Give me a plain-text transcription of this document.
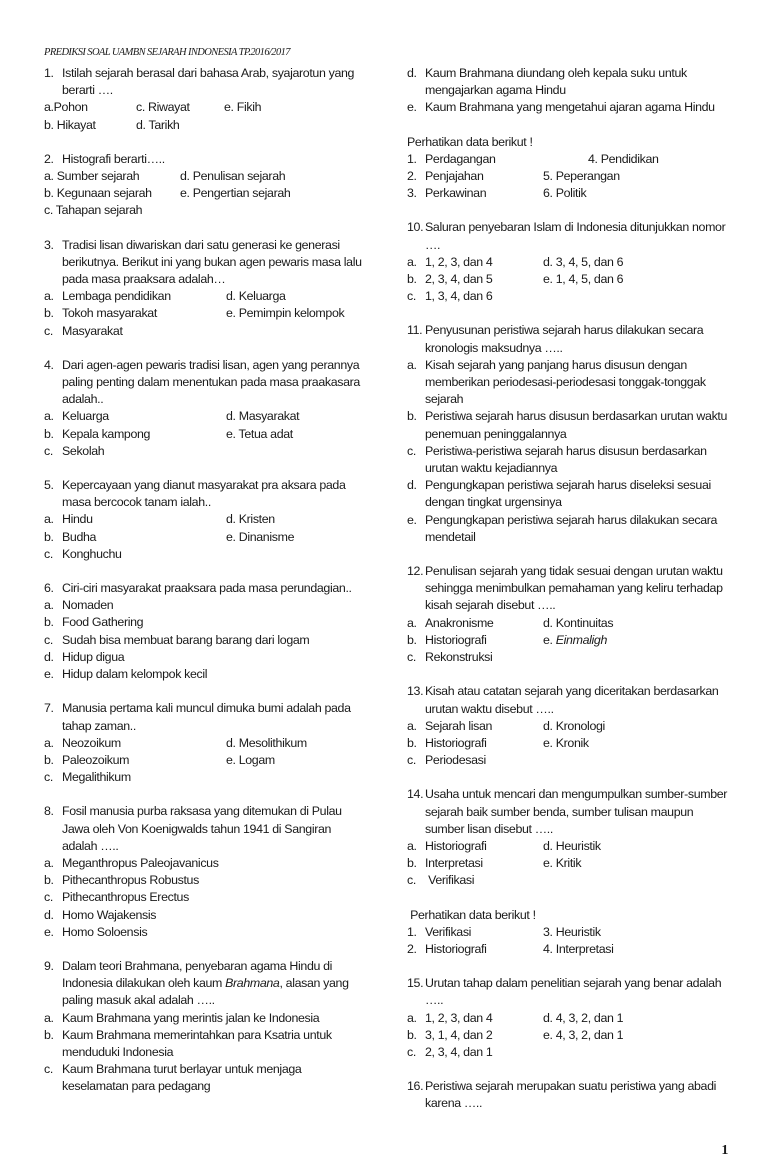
PREDIKSI SOAL UAMBN SEJARAH INDONESIA TP.2016/2017
1. Istilah sejarah berasal dari bahasa Arab, syajarotun yang berarti ….
a.Pohon	c. Riwayat	e. Fikih
b. Hikayat	d. Tarikh
2. Histografi berarti…..
a. Sumber sejarah	d. Penulisan sejarah
b. Kegunaan sejarah	e. Pengertian sejarah
c. Tahapan sejarah
3. Tradisi lisan diwariskan dari satu generasi ke generasi berikutnya. Berikut ini yang bukan agen pewaris masa lalu pada masa praaksara adalah…
a. Lembaga pendidikan	d. Keluarga
b. Tokoh masyarakat	e. Pemimpin kelompok
c. Masyarakat
4. Dari agen-agen pewaris tradisi lisan, agen yang perannya paling penting dalam menentukan pada masa praakasara adalah..
a. Keluarga	d. Masyarakat
b. Kepala kampong	e. Tetua adat
c. Sekolah
5. Kepercayaan yang dianut masyarakat pra aksara pada masa bercocok tanam ialah..
a. Hindu	d. Kristen
b. Budha	e. Dinanisme
c. Konghuchu
6. Ciri-ciri masyarakat praaksara pada masa perundagian..
a. Nomaden
b. Food Gathering
c. Sudah bisa membuat barang barang dari logam
d. Hidup digua
e. Hidup dalam kelompok kecil
7. Manusia pertama kali muncul dimuka bumi adalah pada tahap zaman..
a. Neozoikum	d. Mesolithikum
b. Paleozoikum	e. Logam
c. Megalithikum
8. Fosil manusia purba raksasa yang ditemukan di Pulau Jawa oleh Von Koenigwalds tahun 1941 di Sangiran adalah …..
a. Meganthropus Paleojavanicus
b. Pithecanthropus Robustus
c. Pithecanthropus Erectus
d. Homo Wajakensis
e. Homo Soloensis
9. Dalam teori Brahmana, penyebaran agama Hindu di Indonesia dilakukan oleh kaum Brahmana, alasan yang paling masuk akal adalah …..
a. Kaum Brahmana yang merintis jalan ke Indonesia
b. Kaum Brahmana memerintahkan para Ksatria untuk menduduki Indonesia
c. Kaum Brahmana turut berlayar untuk menjaga keselamatan para pedagang
d. Kaum Brahmana diundang oleh kepala suku untuk mengajarkan agama Hindu
e. Kaum Brahmana yang mengetahui ajaran agama Hindu
Perhatikan data berikut !
1. Perdagangan	4. Pendidikan
2. Penjajahan	5. Peperangan
3. Perkawinan	6. Politik
10. Saluran penyebaran Islam di Indonesia ditunjukkan nomor ….
a. 1, 2, 3, dan 4	d. 3, 4, 5, dan 6
b. 2, 3, 4, dan 5	e. 1, 4, 5, dan 6
c. 1, 3, 4, dan 6
11. Penyusunan peristiwa sejarah harus dilakukan secara kronologis maksudnya …..
a. Kisah sejarah yang panjang harus disusun dengan memberikan periodesasi-periodesasi tonggak-tonggak sejarah
b. Peristiwa sejarah harus disusun berdasarkan urutan waktu penemuan peninggalannya
c. Peristiwa-peristiwa sejarah harus disusun berdasarkan urutan waktu kejadiannya
d. Pengungkapan peristiwa sejarah harus diseleksi sesuai dengan tingkat urgensinya
e. Pengungkapan peristiwa sejarah harus dilakukan secara mendetail
12. Penulisan sejarah yang tidak sesuai dengan urutan waktu sehingga menimbulkan pemahaman yang keliru terhadap kisah sejarah disebut …..
a. Anakronisme	d. Kontinuitas
b. Historiografi	e. Einmaligh
c. Rekonstruksi
13. Kisah atau catatan sejarah yang diceritakan berdasarkan urutan waktu disebut …..
a. Sejarah lisan	d. Kronologi
b. Historiografi	e. Kronik
c. Periodesasi
14. Usaha untuk mencari dan mengumpulkan sumber-sumber sejarah baik sumber benda, sumber tulisan maupun sumber lisan disebut …..
a. Historiografi	d. Heuristik
b. Interpretasi	e. Kritik
c. Verifikasi
Perhatikan data berikut !
1. Verifikasi	3. Heuristik
2. Historiografi	4. Interpretasi
15. Urutan tahap dalam penelitian sejarah yang benar adalah …..
a. 1, 2, 3, dan 4	d. 4, 3, 2, dan 1
b. 3, 1, 4, dan 2	e. 4, 3, 2, dan 1
c. 2, 3, 4, dan 1
16. Peristiwa sejarah merupakan suatu peristiwa yang abadi karena …..
1
